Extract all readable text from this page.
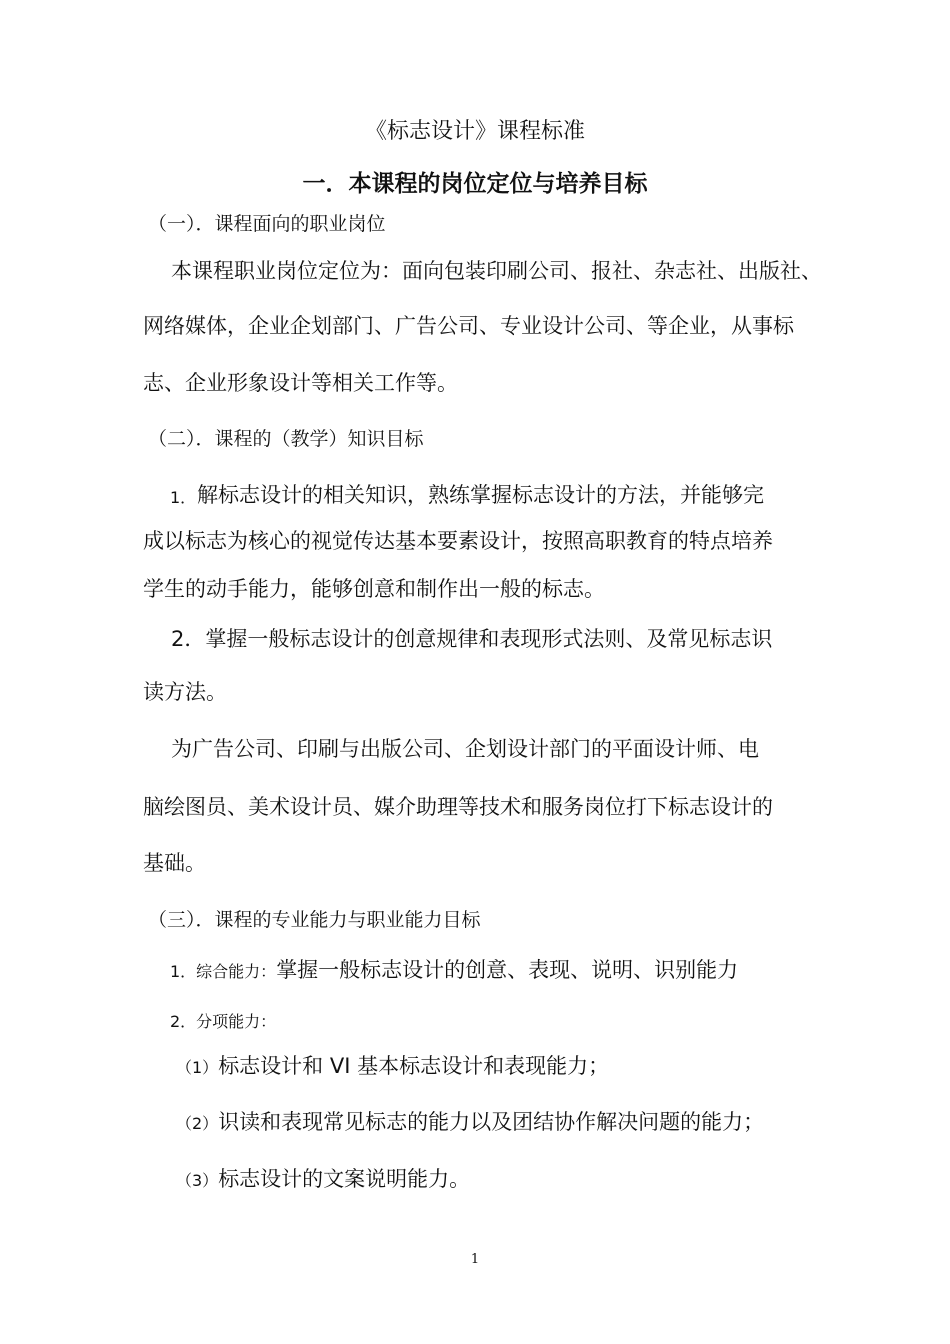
《标志设计》课程标准
一．本课程的岗位定位与培养目标
（一）．课程面向的职业岗位
本课程职业岗位定位为：面向包装印刷公司、报社、杂志社、出版社、
网络媒体，企业企划部门、广告公司、专业设计公司、等企业，从事标
志、企业形象设计等相关工作等。
（二）．课程的（教学）知识目标
1． 解标志设计的相关知识，熟练掌握标志设计的方法，并能够完
成以标志为核心的视觉传达基本要素设计，按照高职教育的特点培养
学生的动手能力，能够创意和制作出一般的标志。
2．掌握一般标志设计的创意规律和表现形式法则、及常见标志识
读方法。
为广告公司、印刷与出版公司、企划设计部门的平面设计师、电
脑绘图员、美术设计员、媒介助理等技术和服务岗位打下标志设计的
基础。
（三）．课程的专业能力与职业能力目标
1．综合能力：掌握一般标志设计的创意、表现、说明、识别能力
2．分项能力：
（1）标志设计和 VI 基本标志设计和表现能力；
（2）识读和表现常见标志的能力以及团结协作解决问题的能力；
（3）标志设计的文案说明能力。
1
